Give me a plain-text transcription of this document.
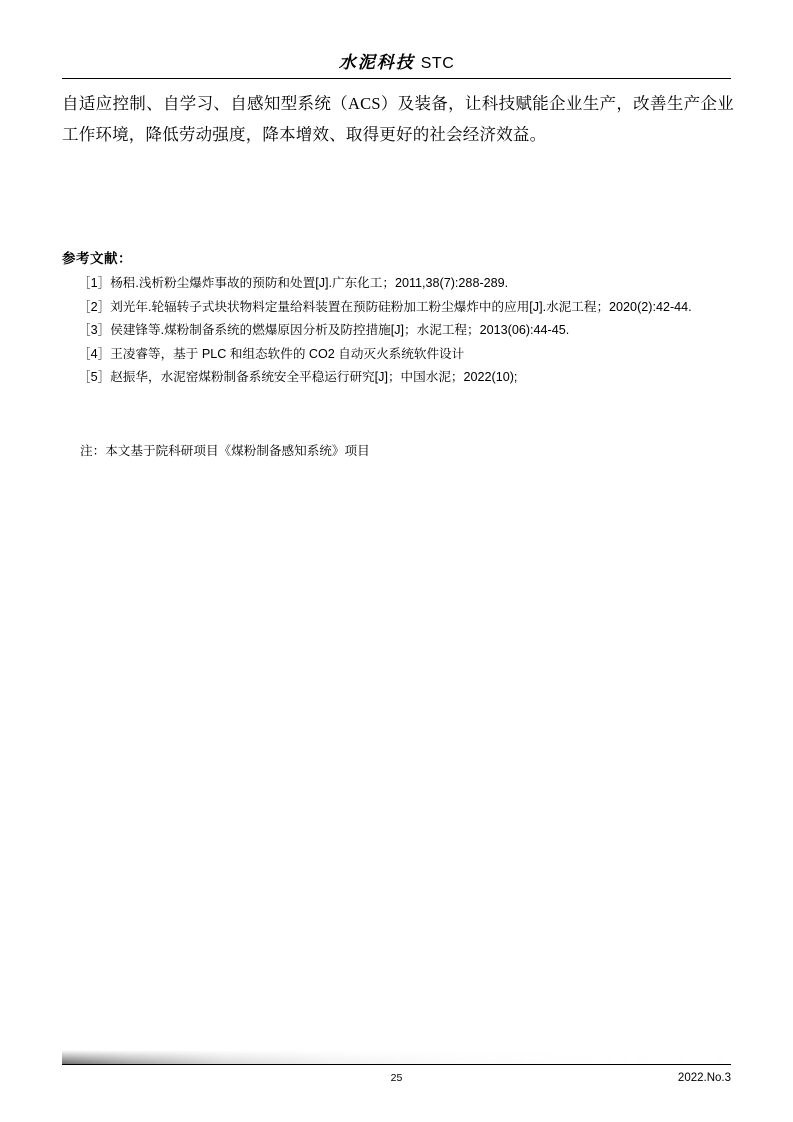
水泥科技 STC
自适应控制、自学习、自感知型系统（ACS）及装备，让科技赋能企业生产，改善生产企业工作环境，降低劳动强度，降本增效、取得更好的社会经济效益。
参考文献：
［1］杨稆.浅析粉尘爆炸事故的预防和处置[J].广东化工；2011,38(7):288-289.
［2］刘光年.轮辐转子式块状物料定量给料装置在预防硅粉加工粉尘爆炸中的应用[J].水泥工程；2020(2):42-44.
［3］侯建锋等.煤粉制备系统的燃爆原因分析及防控措施[J]；水泥工程；2013(06):44-45.
［4］王凌睿等，基于 PLC 和组态软件的 CO2 自动灭火系统软件设计
［5］赵振华，水泥窑煤粉制备系统安全平稳运行研究[J]；中国水泥；2022(10);
注：本文基于院科研项目《煤粉制备感知系统》项目
25	2022.No.3
